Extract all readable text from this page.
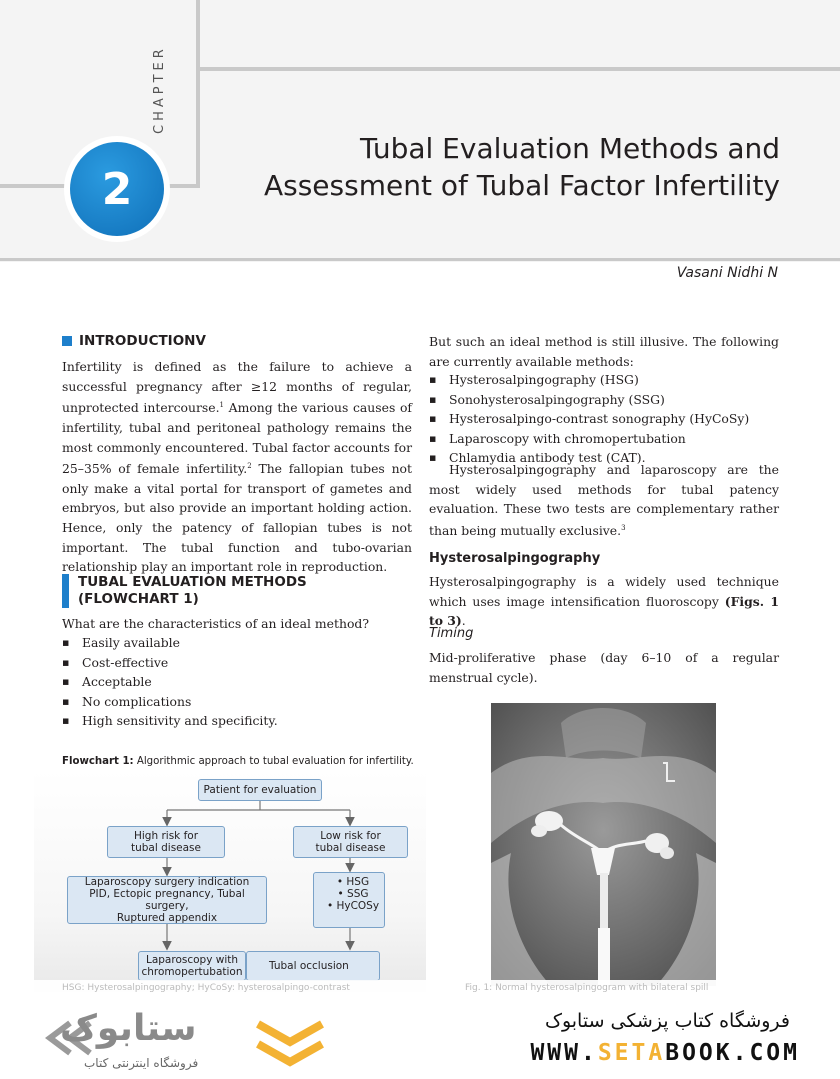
CHAPTER
2
Tubal Evaluation Methods and
Assessment of Tubal Factor Infertility
Vasani Nidhi N
INTRODUCTIONV
Infertility is defined as the failure to achieve a successful pregnancy after ≥12 months of regular, unprotected intercourse.$^1$ Among the various causes of infertility, tubal and peritoneal pathology remains the most commonly encountered. Tubal factor accounts for 25–35% of female infertility.$^2$ The fallopian tubes not only make a vital portal for transport of gametes and embryos, but also provide an important holding action. Hence, only the patency of fallopian tubes is not important. The tubal function and tubo-ovarian relationship play an important role in reproduction.
TUBAL EVALUATION METHODS
(FLOWCHART 1)
What are the characteristics of an ideal method?
▪ Easily available
▪ Cost-effective
▪ Acceptable
▪ No complications
▪ High sensitivity and specificity.
Flowchart 1: Algorithmic approach to tubal evaluation for infertility.
Patient for evaluation
High risk for
tubal disease
Low risk for
tubal disease
Laparoscopy surgery indication
PID, Ectopic pregnancy, Tubal surgery,
Ruptured appendix
• HSG
• SSG
• HyCOSy
Laparoscopy with
chromopertubation	Tubal occlusion
But such an ideal method is still illusive. The following are currently available methods:
▪ Hysterosalpingography (HSG)
▪ Sonohysterosalpingography (SSG)
▪ Hysterosalpingo-contrast sonography (HyCoSy)
▪ Laparoscopy with chromopertubation
▪ Chlamydia antibody test (CAT).
Hysterosalpingography and laparoscopy are the most widely used methods for tubal patency evaluation. These two tests are complementary rather than being mutually exclusive.$^3$
Hysterosalpingography
Hysterosalpingography is a widely used technique which uses image intensification fluoroscopy (Figs. 1 to 3).
Timing
Mid-proliferative phase (day 6–10 of a regular menstrual cycle).
HSG: Hysterosalpingography; HyCoSy: hysterosalpingo-contrast	Fig. 1: Normal hysterosalpingogram with bilateral spill
ستابوک
فروشگاه اینترنتی کتاب
فروشگاه کتاب پزشکی ستابوک
WWW.SETABOOK.COM
